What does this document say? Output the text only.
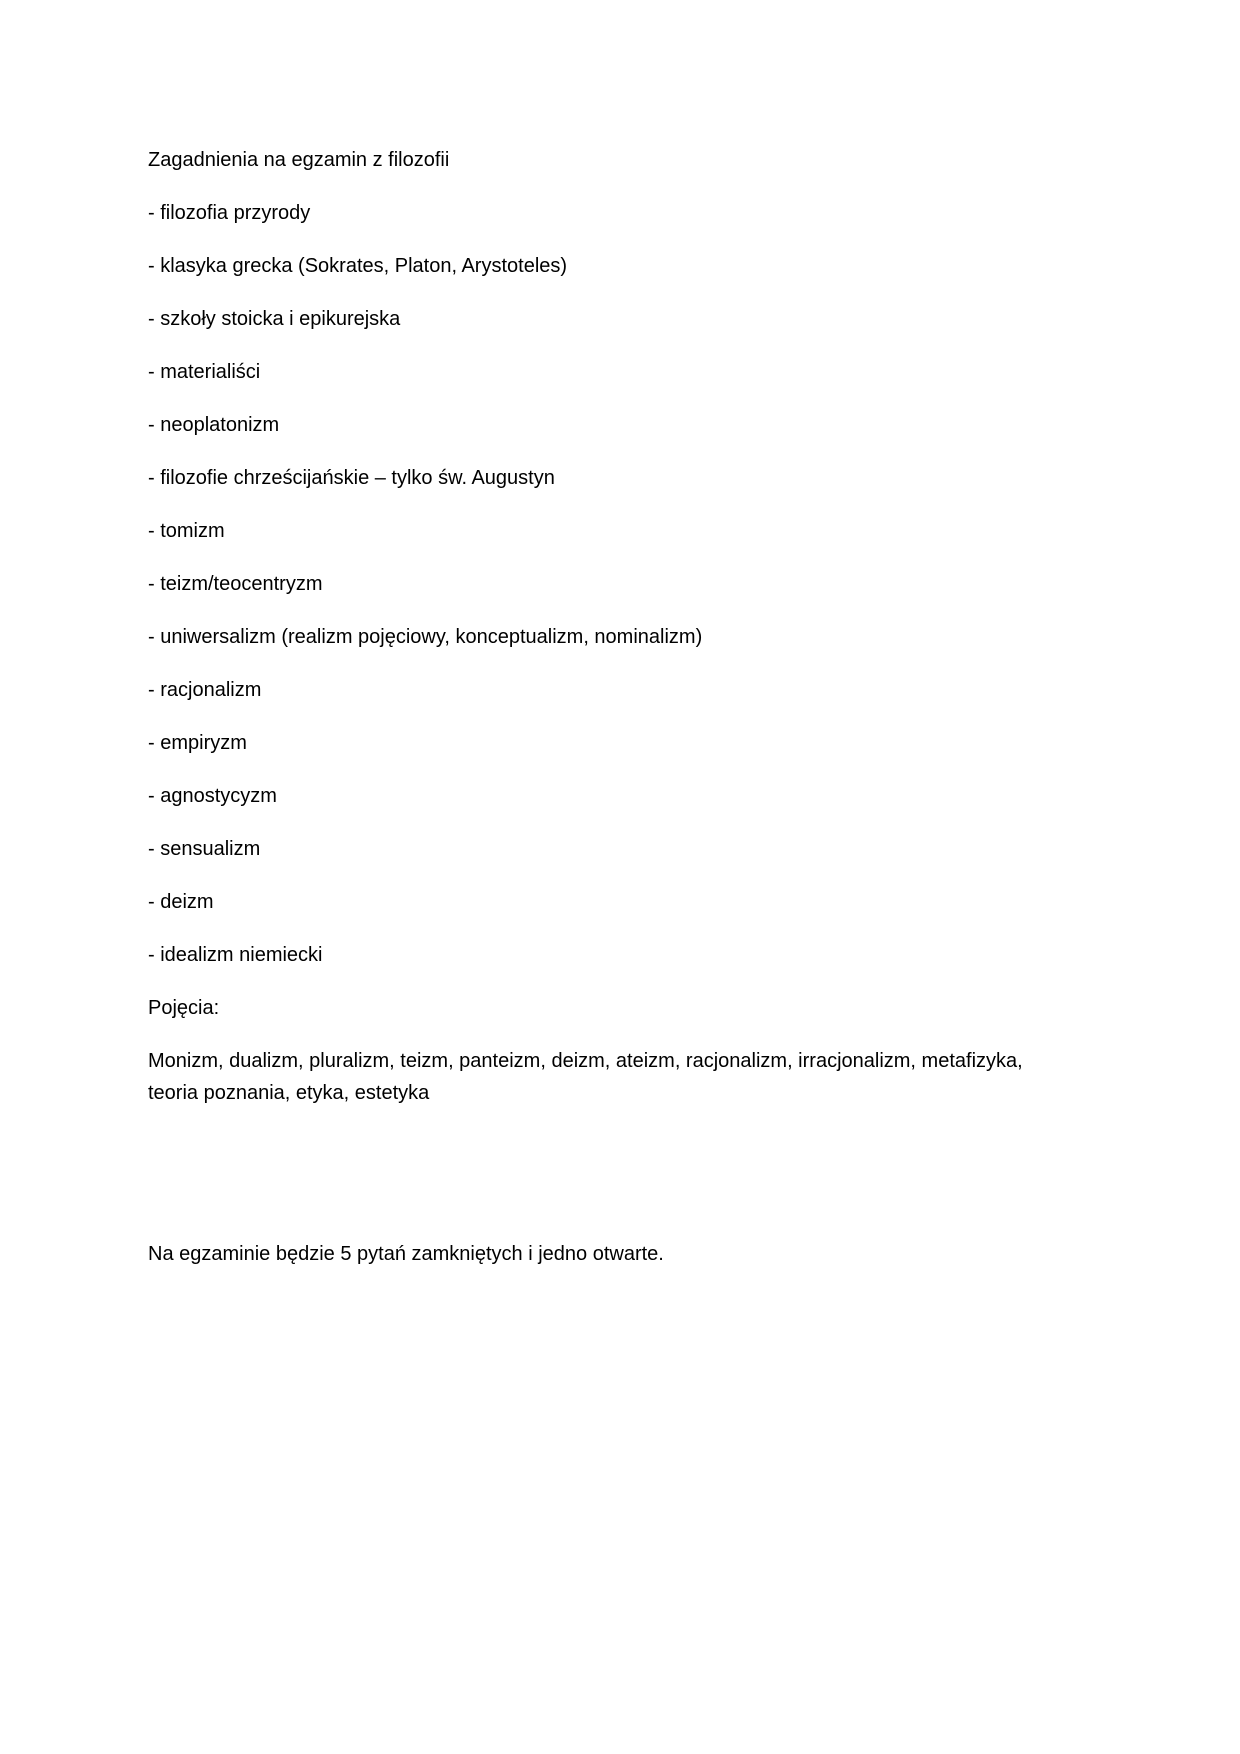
Zagadnienia na egzamin z filozofii

- filozofia przyrody
- klasyka grecka (Sokrates, Platon, Arystoteles)
- szkoły stoicka i epikurejska
- materialiści
- neoplatonizm
- filozofie chrześcijańskie – tylko św. Augustyn
- tomizm
- teizm/teocentryzm
- uniwersalizm (realizm pojęciowy, konceptualizm, nominalizm)
- racjonalizm
- empiryzm
- agnostycyzm
- sensualizm
- deizm
- idealizm niemiecki

Pojęcia:

Monizm, dualizm, pluralizm, teizm, panteizm, deizm, ateizm, racjonalizm, irracjonalizm, metafizyka, teoria poznania, etyka, estetyka

Na egzaminie będzie 5 pytań zamkniętych i jedno otwarte.
